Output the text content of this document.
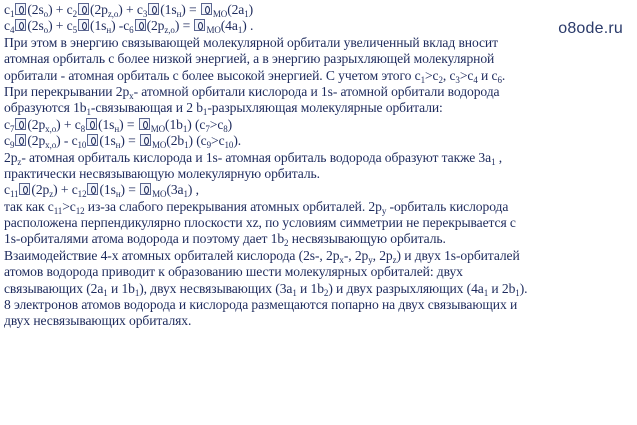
o8ode.ru
$c_1$ $(2s_o) + c_2$ $(2p_{z,o}) + c_3$ $(1s_н) = _{MO}(2a_1)$
$c_4$ $(2s_o) + c_5$ $(1s_н)$ $-c_6$ $(2p_{z,o}) = _{MO}(4a_1)$ .
При этом в энергию связывающей молекулярной орбитали увеличенный вклад вносит
атомная орбиталь с более низкой энергией, а в энергию разрыхляющей молекулярной
орбитали - атомная орбиталь с более высокой энергией. С учетом этого $c_1>c_2$, $c_3>c_4$ и $c_6$.
При перекрывании $2p_x-$ атомной орбитали кислорода и 1s- атомной орбитали водорода
образуются $1b_1$-связывающая и 2 $b_1$-разрыхляющая молекулярные орбитали:
$c_7$ $(2p_{x,o}) + c_8$ $(1s_н) = _{MO}(1b_1)$ $(c_7>c_8)$
$c_9$ $(2p_{x,o}) - c_{10}$ $(1s_н) = _{MO}(2b_1)$ $(c_9>c_{10})$.
$2p_z-$ атомная орбиталь кислорода и 1s- атомная орбиталь водорода образуют также $3a_1$ ,
практически несвязывающую молекулярную орбиталь.
$c_{11}$ $(2p_z) + c_{12}$ $(1s_н) = _{MO}(3a_1)$ ,
так как $c_{11}>c_{12}$ из-за слабого перекрывания атомных орбиталей. $2p_y$ -орбиталь кислорода
расположена перпендикулярно плоскости xz, по условиям симметрии не перекрывается с
1s-орбиталями атома водорода и поэтому дает $1b_2$ несвязывающую орбиталь.
Взаимодействие 4-х атомных орбиталей кислорода (2s-, $2p_x-$, $2p_y$, $2p_z$) и двух 1s-орбиталей
атомов водорода приводит к образованию шести молекулярных орбиталей: двух
связывающих ($2a_1$ и $1b_1$), двух несвязывающих ($3a_1$ и $1b_2$) и двух разрыхляющих ($4a_1$ и $2b_1$).
8 электронов атомов водорода и кислорода размещаются попарно на двух связывающих и
двух несвязывающих орбиталях.
